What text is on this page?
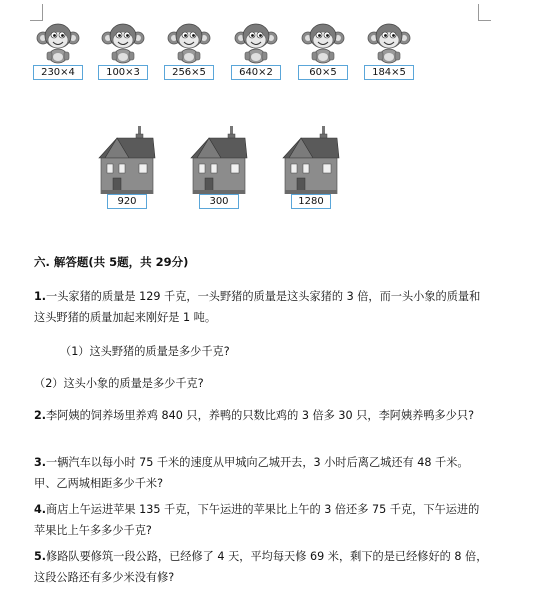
230×4	100×3	256×5	640×2	60×5	184×5
920	300	1280
六. 解答题(共 5题，共 29分)
1.一头家猪的质量是 129 千克，一头野猪的质量是这头家猪的 3 倍，而一头小象的质量和这头野猪的质量加起来刚好是 1 吨。
（1）这头野猪的质量是多少千克?
（2）这头小象的质量是多少千克?
2.李阿姨的饲养场里养鸡 840 只，养鸭的只数比鸡的 3 倍多 30 只，李阿姨养鸭多少只?
3.一辆汽车以每小时 75 千米的速度从甲城向乙城开去，3 小时后离乙城还有 48 千米。甲、乙两城相距多少千米?
4.商店上午运进苹果 135 千克，下午运进的苹果比上午的 3 倍还多 75 千克，下午运进的苹果比上午多多少千克?
5.修路队要修筑一段公路，已经修了 4 天，平均每天修 69 米，剩下的是已经修好的 8 倍，这段公路还有多少米没有修?
